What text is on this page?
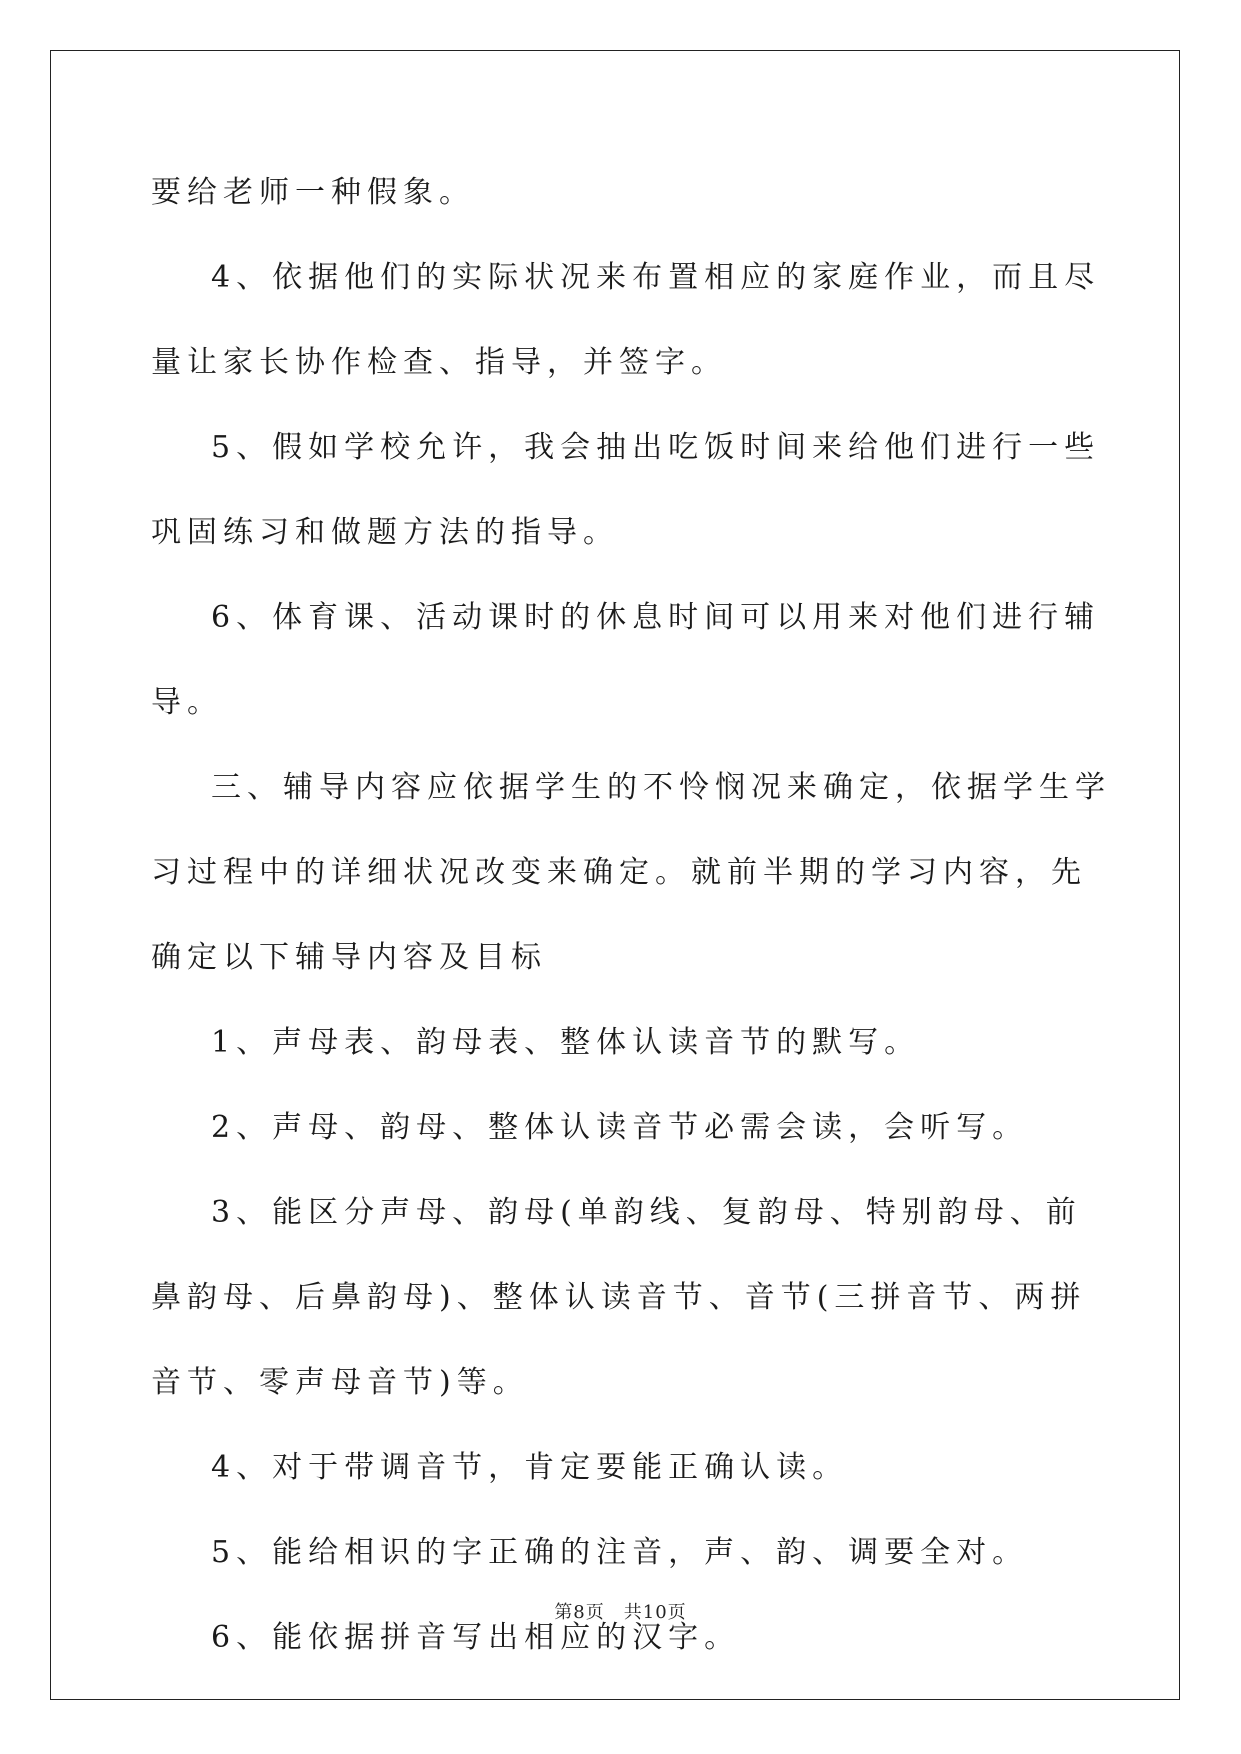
要给老师一种假象。

4、依据他们的实际状况来布置相应的家庭作业，而且尽量让家长协作检查、指导，并签字。

5、假如学校允许，我会抽出吃饭时间来给他们进行一些巩固练习和做题方法的指导。

6、体育课、活动课时的休息时间可以用来对他们进行辅导。

三、辅导内容应依据学生的不怜悯况来确定，依据学生学习过程中的详细状况改变来确定。就前半期的学习内容，先确定以下辅导内容及目标

1、声母表、韵母表、整体认读音节的默写。

2、声母、韵母、整体认读音节必需会读，会听写。

3、能区分声母、韵母(单韵线、复韵母、特别韵母、前鼻韵母、后鼻韵母)、整体认读音节、音节(三拼音节、两拼音节、零声母音节)等。

4、对于带调音节，肯定要能正确认读。

5、能给相识的字正确的注音，声、韵、调要全对。

6、能依据拼音写出相应的汉字。

第8页　共10页
